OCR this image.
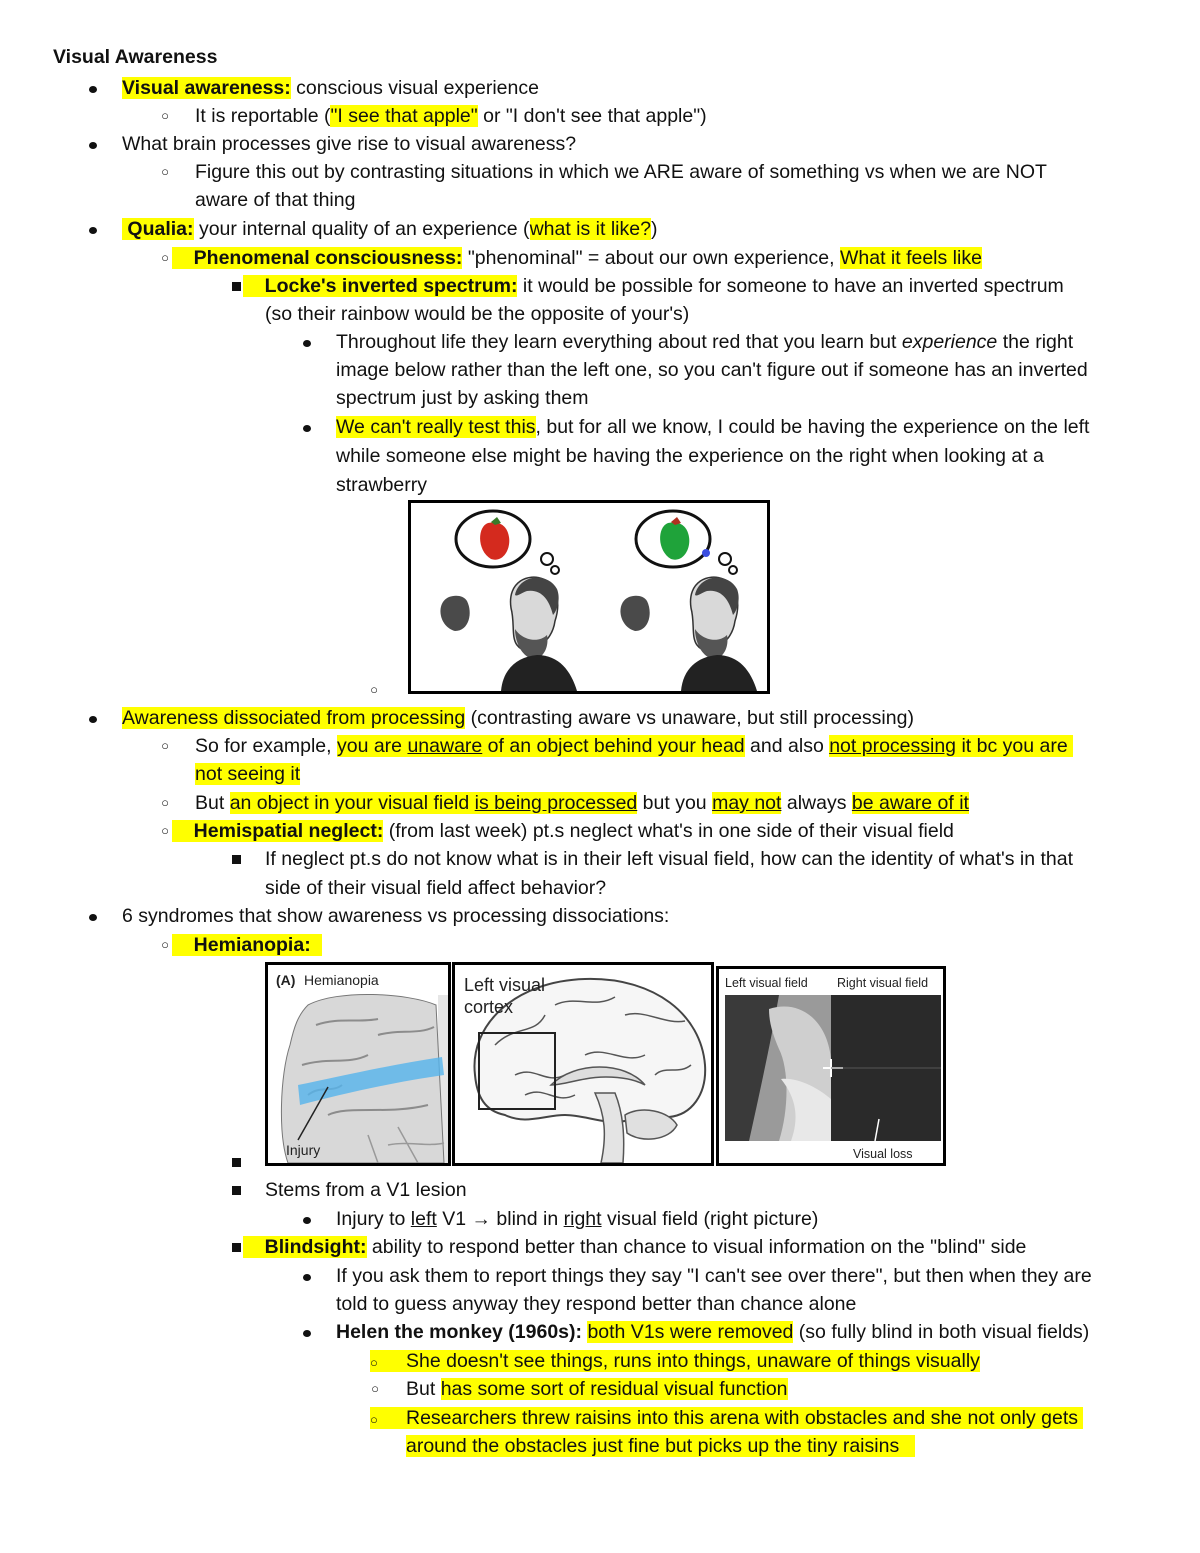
Visual Awareness
Visual awareness: conscious visual experience
○ It is reportable ("I see that apple" or "I don't see that apple")
What brain processes give rise to visual awareness?
○ Figure this out by contrasting situations in which we ARE aware of something vs when we are NOT
aware of that thing
Qualia: your internal quality of an experience (what is it like?)
○	Phenomenal consciousness: "phenominal" = about our own experience, What it feels like
Locke's inverted spectrum: it would be possible for someone to have an inverted spectrum
(so their rainbow would be the opposite of your's)
Throughout life they learn everything about red that you learn but experience the right
image below rather than the left one, so you can't figure out if someone has an inverted
spectrum just by asking them
We can't really test this, but for all we know, I could be having the experience on the left
while someone else might be having the experience on the right when looking at a
strawberry
○
Awareness dissociated from processing (contrasting aware vs unaware, but still processing)
○ So for example, you are unaware of an object behind your head and also not processing it bc you are
not seeing it
○ But an object in your visual field is being processed but you may not always be aware of it
○	Hemispatial neglect: (from last week) pt.s neglect what's in one side of their visual field
If neglect pt.s do not know what is in their left visual field, how can the identity of what's in that
side of their visual field affect behavior?
6 syndromes that show awareness vs processing dissociations:
○	Hemianopia:
(A) Hemianopia
Injury
Left visual
cortex
Left visual field Right visual field
Visual loss
Stems from a V1 lesion
Injury to left V1 → blind in right visual field (right picture)
Blindsight: ability to respond better than chance to visual information on the "blind" side
If you ask them to report things they say "I can't see over there", but then when they are
told to guess anyway they respond better than chance alone
Helen the monkey (1960s): both V1s were removed (so fully blind in both visual fields)
○ She doesn't see things, runs into things, unaware of things visually
○ But has some sort of residual visual function
○ Researchers threw raisins into this arena with obstacles and she not only gets
around the obstacles just fine but picks up the tiny raisins
